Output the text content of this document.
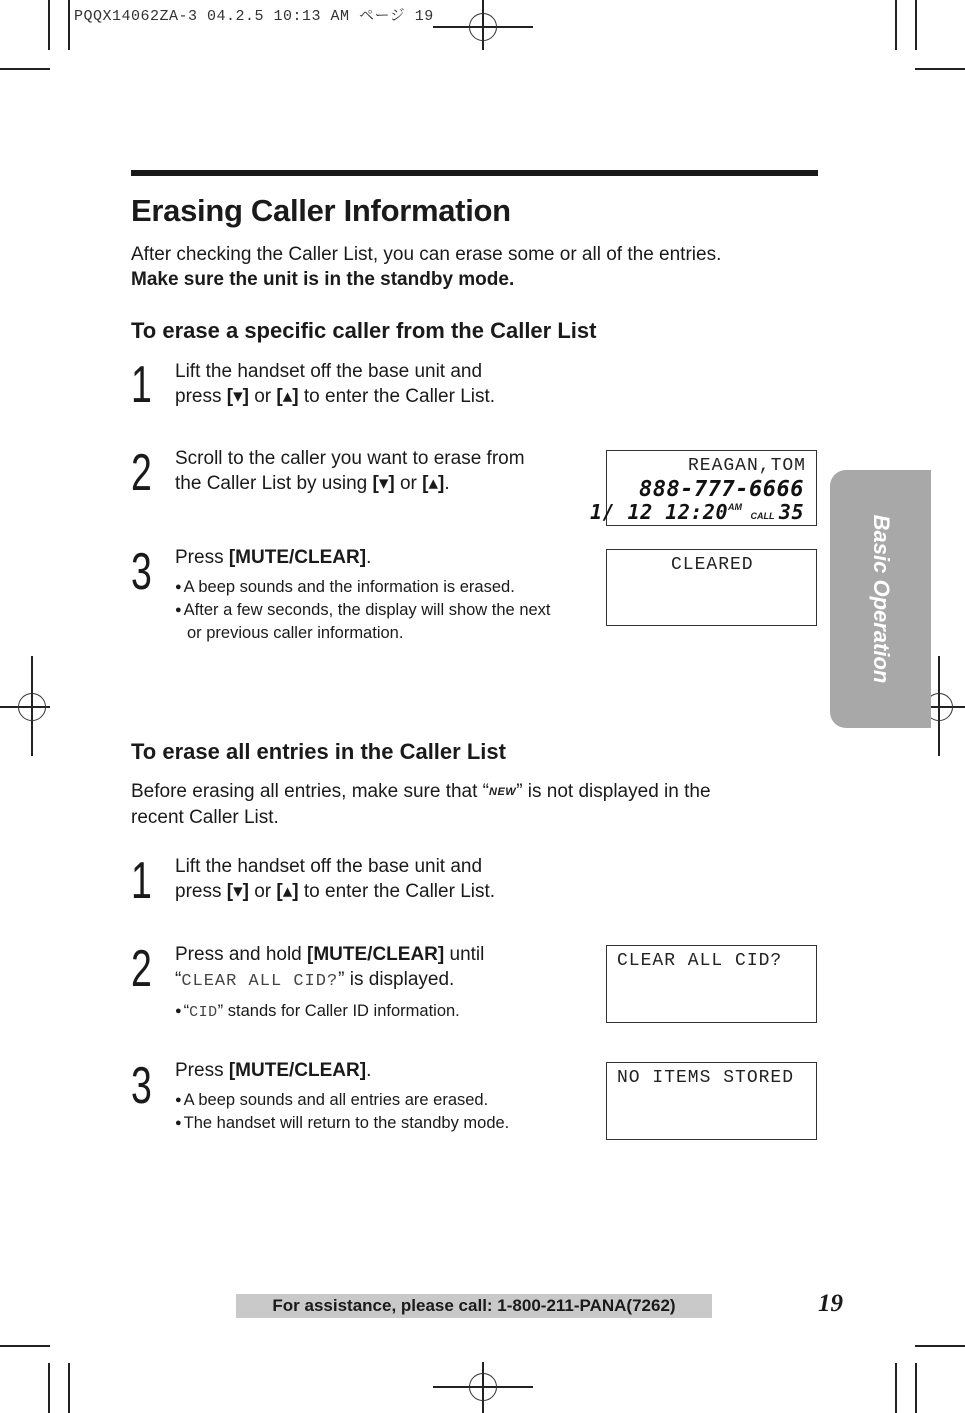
PQQX14062ZA-3 04.2.5 10:13 AM ページ 19
Erasing Caller Information
After checking the Caller List, you can erase some or all of the entries.
Make sure the unit is in the standby mode.
To erase a specific caller from the Caller List
1 Lift the handset off the base unit and
press [▾] or [▴] to enter the Caller List.
2 Scroll to the caller you want to erase from
the Caller List by using [▾] or [▴].
3 Press [MUTE/CLEAR].
● A beep sounds and the information is erased.
● After a few seconds, the display will show the next or previous caller information.
REAGAN,TOM
888-777-6666
1/ 12 $12:20^{AM}$ CALL 35
CLEARED
To erase all entries in the Caller List
Before erasing all entries, make sure that “NEW” is not displayed in the
recent Caller List.
1 Lift the handset off the base unit and
press [▾] or [▴] to enter the Caller List.
2 Press and hold [MUTE/CLEAR] until
“CLEAR ALL CID?” is displayed.
● “CID” stands for Caller ID information.
3 Press [MUTE/CLEAR].
● A beep sounds and all entries are erased.
● The handset will return to the standby mode.
CLEAR ALL CID?
NO ITEMS STORED
Basic Operation
For assistance, please call: 1-800-211-PANA(7262)	19
